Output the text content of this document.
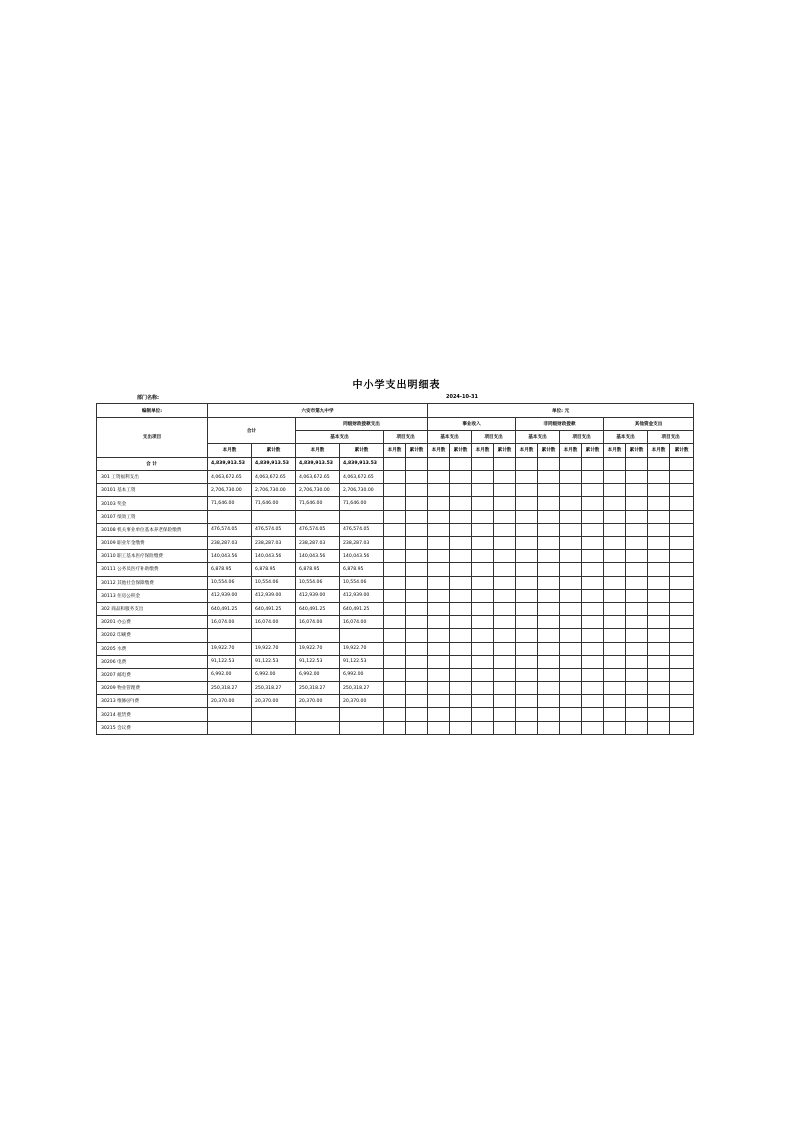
中小学支出明细表
部门名称:	2024-10-31
编制单位:	六安市第九中学						单位: 元											
支出项目	合计		同级财政拨款支出				事业收入				非同级财政拨款				其他资金支出			
			基本支出		项目支出		基本支出		项目支出		基本支出		项目支出		基本支出		项目支出	
	本月数	累计数	本月数	累计数	本月数	累计数	本月数	累计数	本月数	累计数	本月数	累计数	本月数	累计数	本月数	累计数	本月数	累计数
合 计	4,839,913.53	4,839,913.53	4,839,913.53	4,839,913.53														
301 工资福利支出	4,063,672.65	4,063,672.65	4,063,672.65	4,063,672.65														
30101 基本工资	2,706,730.00	2,706,730.00	2,706,730.00	2,706,730.00														
30103 奖金	71,646.00	71,646.00	71,646.00	71,646.00														
30107 绩效工资																		
30108 机关事业单位基本养老保险缴费	476,574.05	476,574.05	476,574.05	476,574.05														
30109 职业年金缴费	238,287.03	238,287.03	238,287.03	238,287.03														
30110 职工基本医疗保险缴费	140,043.56	140,043.56	140,043.56	140,043.56														
30111 公务员医疗补助缴费	6,878.95	6,878.95	6,878.95	6,878.95														
30112 其他社会保障缴费	10,554.06	10,554.06	10,554.06	10,554.06														
30113 住房公积金	412,939.00	412,939.00	412,939.00	412,939.00														
302 商品和服务支出	640,491.25	640,491.25	640,491.25	640,491.25														
30201 办公费	16,074.00	16,074.00	16,074.00	16,074.00														
30202 印刷费																		
30205 水费	19,922.70	19,922.70	19,922.70	19,922.70														
30206 电费	91,122.53	91,122.53	91,122.53	91,122.53														
30207 邮电费	6,992.00	6,992.00	6,992.00	6,992.00														
30209 物业管理费	250,318.27	250,318.27	250,318.27	250,318.27														
30213 维修(护)费	20,370.00	20,370.00	20,370.00	20,370.00														
30214 租赁费																		
30215 会议费																		
